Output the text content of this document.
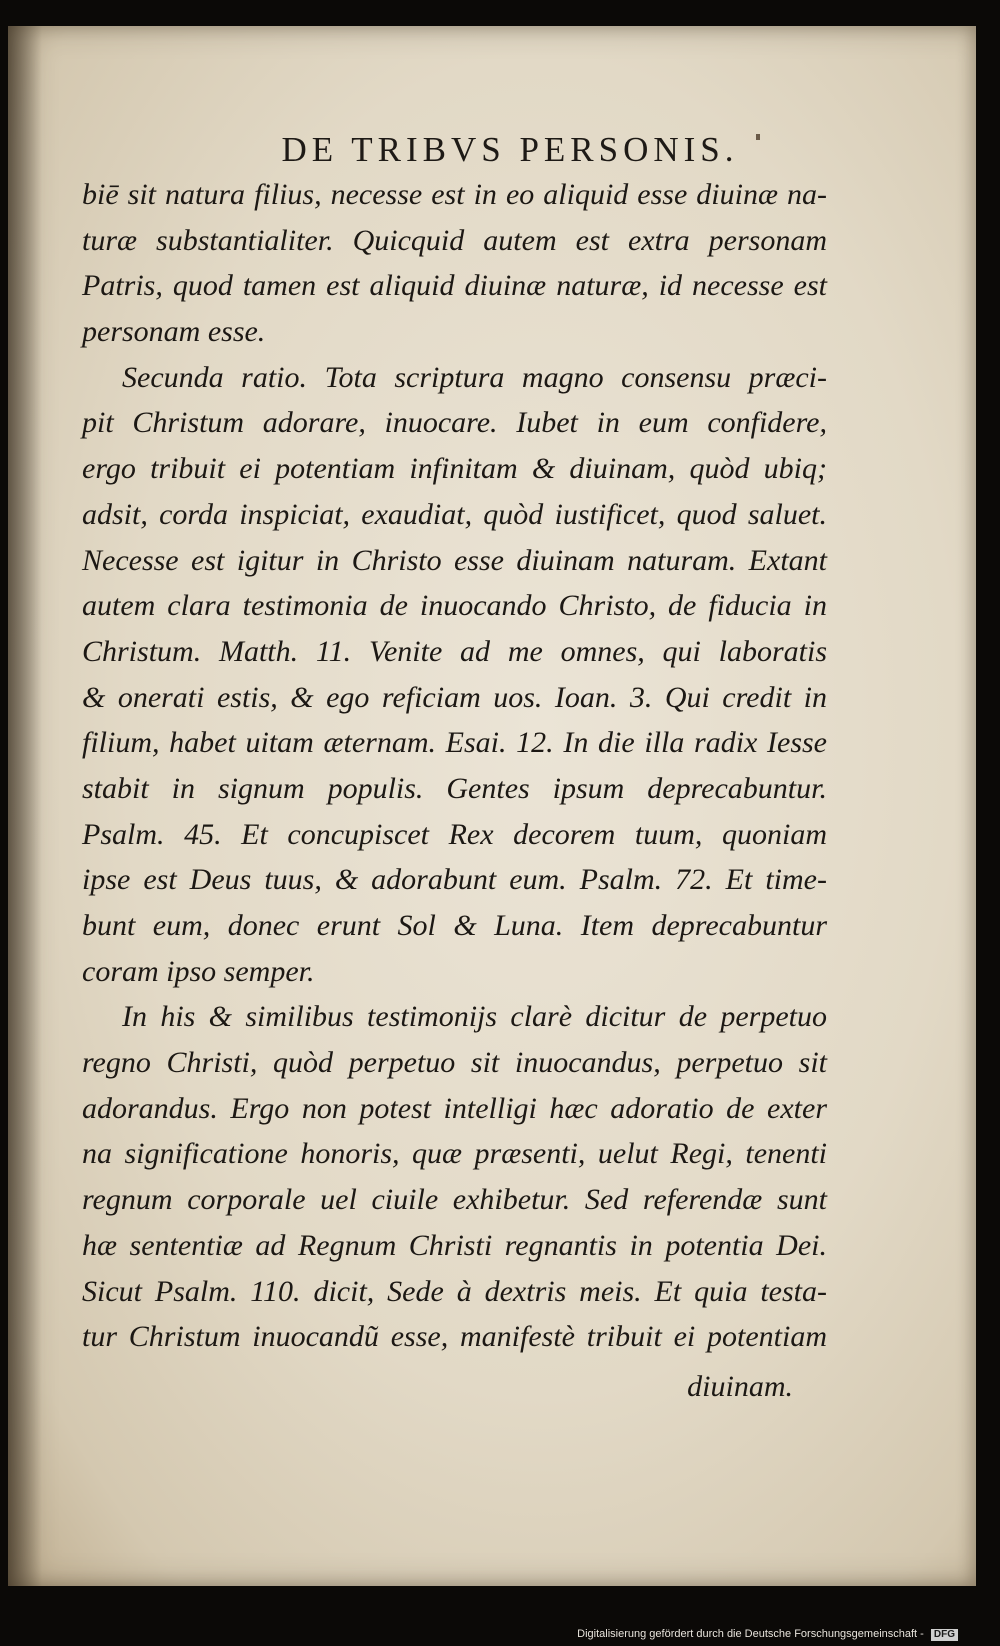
DE TRIBVS PERSONIS.
biē sit natura filius, necesse est in eo aliquid esse diuinæ na-
turæ substantialiter. Quicquid autem est extra personam
Patris, quod tamen est aliquid diuinæ naturæ, id necesse est
personam esse.
Secunda ratio. Tota scriptura magno consensu præci-
pit Christum adorare, inuocare. Iubet in eum confidere,
ergo tribuit ei potentiam infinitam & diuinam, quòd ubiq;
adsit, corda inspiciat, exaudiat, quòd iustificet, quod saluet.
Necesse est igitur in Christo esse diuinam naturam. Extant
autem clara testimonia de inuocando Christo, de fiducia in
Christum. Matth. 11. Venite ad me omnes, qui laboratis
& onerati estis, & ego reficiam uos. Ioan. 3. Qui credit in
filium, habet uitam æternam. Esai. 12. In die illa radix Iesse
stabit in signum populis. Gentes ipsum deprecabuntur.
Psalm. 45. Et concupiscet Rex decorem tuum, quoniam
ipse est Deus tuus, & adorabunt eum. Psalm. 72. Et time-
bunt eum, donec erunt Sol & Luna. Item deprecabuntur
coram ipso semper.
In his & similibus testimonijs clarè dicitur de perpetuo
regno Christi, quòd perpetuo sit inuocandus, perpetuo sit
adorandus. Ergo non potest intelligi hæc adoratio de exter
na significatione honoris, quæ præsenti, uelut Regi, tenenti
regnum corporale uel ciuile exhibetur. Sed referendæ sunt
hæ sententiæ ad Regnum Christi regnantis in potentia Dei.
Sicut Psalm. 110. dicit, Sede à dextris meis. Et quia testa-
tur Christum inuocandũ esse, manifestè tribuit ei potentiam
diuinam.
Digitalisierung gefördert durch die Deutsche Forschungsgemeinschaft - DFG
